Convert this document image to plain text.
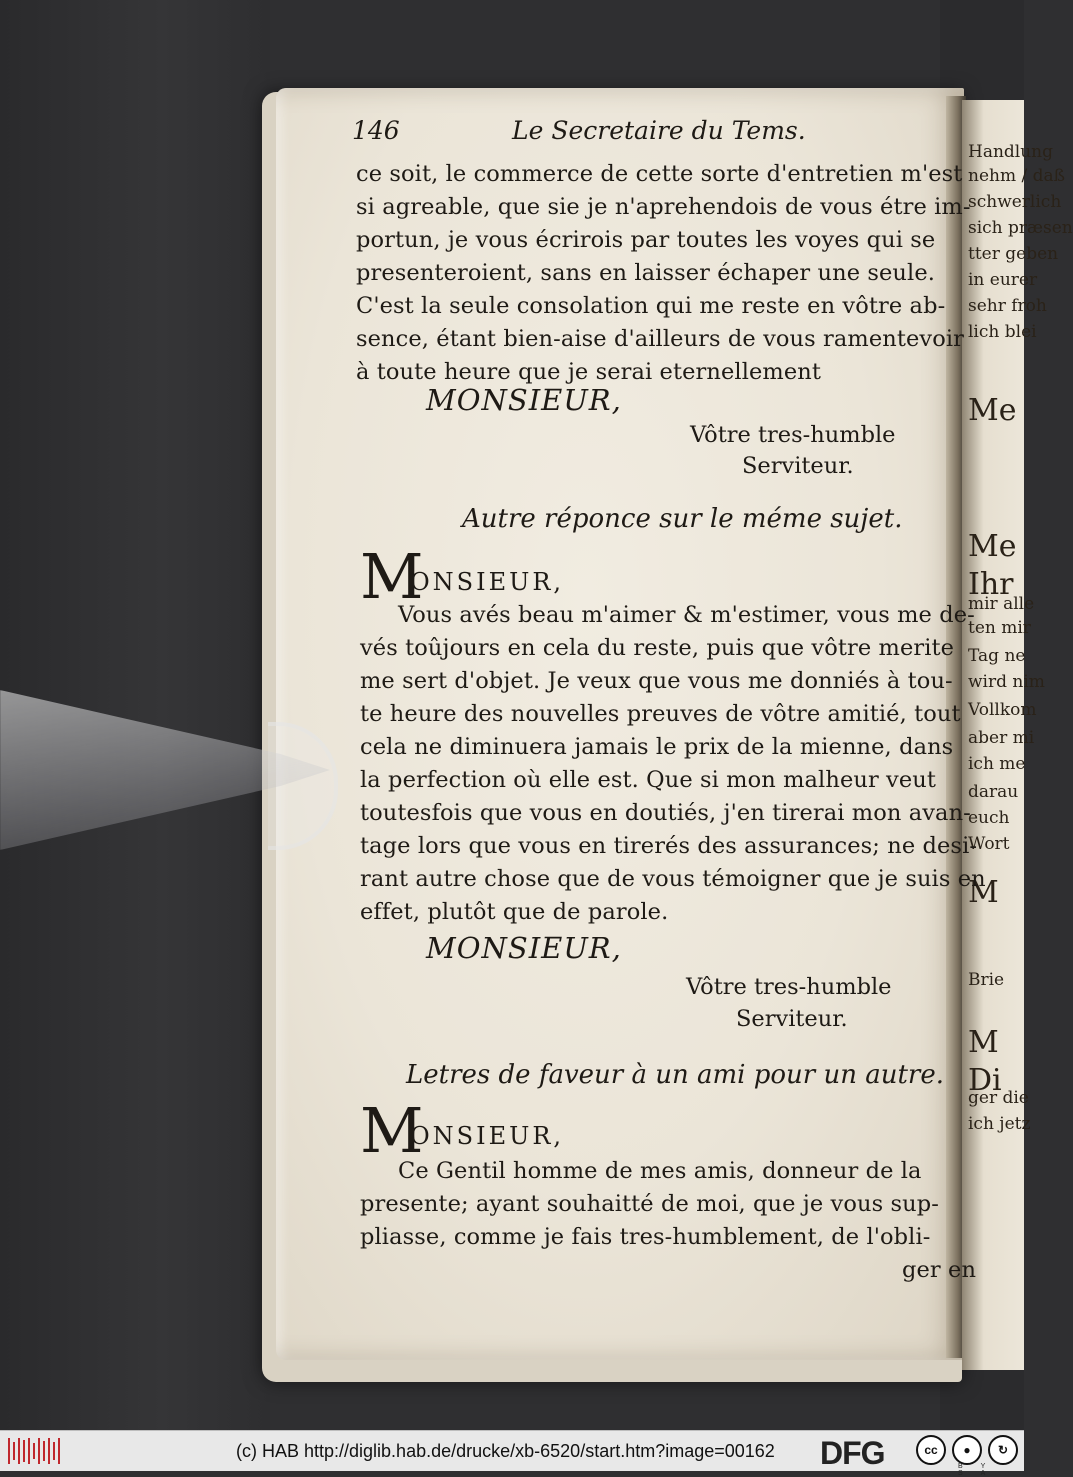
Handlung
nehm / daß
schwerlich
sich præsen
tter geben
in eurer
sehr froh
lich blei
Me
Me
Ihr
mir alle
ten mir
Tag ne
wird nim
Vollkom
aber mi
ich me
darau
euch
Wort
M
Brie
M
Di
ger die
ich jetz
146	Le Secretaire du Tems.
ce soit, le commerce de cette sorte d'entretien m'est
si agreable, que sie je n'aprehendois de vous étre im-
portun, je vous écrirois par toutes les voyes qui se
presenteroient, sans en laisser échaper une seule.
C'est la seule consolation qui me reste en vôtre ab-
sence, étant bien-aise d'ailleurs de vous ramentevoir
à toute heure que je serai eternellement
MONSIEUR,
Vôtre tres-humble
Serviteur.
Autre réponce sur le méme sujet.
M
ONSIEUR,
Vous avés beau m'aimer & m'estimer, vous me de-
vés toûjours en cela du reste, puis que vôtre merite
me sert d'objet. Je veux que vous me donniés à tou-
te heure des nouvelles preuves de vôtre amitié, tout
cela ne diminuera jamais le prix de la mienne, dans
la perfection où elle est. Que si mon malheur veut
toutesfois que vous en doutiés, j'en tirerai mon avan-
tage lors que vous en tirerés des assurances; ne desi-
rant autre chose que de vous témoigner que je suis en
effet, plutôt que de parole.
MONSIEUR,
Vôtre tres-humble
Serviteur.
Letres de faveur à un ami pour un autre.
M
ONSIEUR,
Ce Gentil homme de mes amis, donneur de la
presente; ayant souhaitté de moi, que je vous sup-
pliasse, comme je fais tres-humblement, de l'obli-
ger en
(c) HAB http://diglib.hab.de/drucke/xb-6520/start.htm?image=00162 DFG	cc	●	↻
BY SA
